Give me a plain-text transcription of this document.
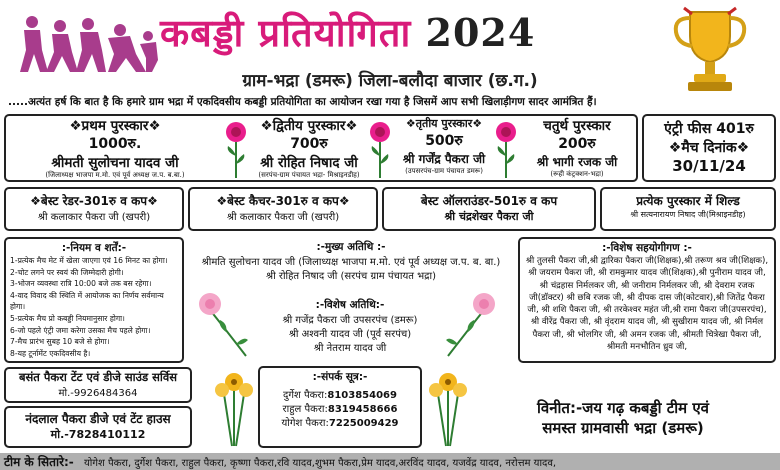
कबड्डी प्रतियोगिता 2024
ग्राम-भद्रा (डमरू) जिला-बलौदा बाजार (छ.ग.)
.....अत्यंत हर्ष कि बात है कि हमारे ग्राम भद्रा में एकदिवसीय कबड्डी प्रतियोगिता का आयोजन रखा गया है जिसमें आप सभी खिलाड़ीगण सादर आमंत्रित हैं।
❖प्रथम पुरस्कार❖
1000रु.
श्रीमती सुलोचना यादव जी
(जिलाध्यक्ष भाजपा म.मो. एवं पूर्व अध्यक्ष ज.प. ब.बा.)
❖द्वितीय पुरस्कार❖
700रु
श्री रोहित निषाद जी
(सरपंच-ग्राम पंचायत भद्रा- मिश्राइनडीह)
❖तृतीय पुरस्कार❖
500रु
श्री गर्जेंद्र पैकरा जी
(उपसरपंच-ग्राम पंचायत डमरू)
चतुर्थ पुरस्कार
200रु
श्री भागी रजक जी
(रूही कंट्रक्शन-भद्रा)
एंट्री फीस 401रु
❖मैच दिनांक❖
30/11/24
❖बेस्ट रेडर-301रु व कप❖
श्री कलाकार पैकरा जी (खपरी)
❖बेस्ट कैचर-301रु व कप❖
श्री कलाकार पैकरा जी (खपरी)
बेस्ट ऑलराउंडर-501रु व कप
श्री चंद्रशेखर पैकरा जी
प्रत्येक पुरस्कार में शिल्ड
श्री सत्यनारायण निषाद जी(मिश्राइनडीह)
:-नियम व शर्तें:-
1-प्रत्येक मैच मेट में खेला जाएगा एवं 16 मिनट का होगा।
2-चोट लगने पर स्वयं की जिम्मेदारी होगी।
3-भोजन व्यवस्था रात्रि 10:00 बजे तक बस रहेगा।
4-वाद विवाद की स्थिति में आयोजक का निर्णय सर्वमान्य होगा।
5-प्रत्येक मैच प्रो कबड्डी नियमानुसार होगा।
6-जो पहले एंट्री जमा करेगा उसका मैच पहले होगा।
7-मैच प्रारंभ सुबह 10 बजे से होगा।
8-यह टूर्नामेंट एकदिवसीय है।
:-मुख्य अतिथि :-
श्रीमति सुलोचना यादव जी (जिलाध्यक्ष भाजपा म.मो. एवं पूर्व अध्यक्ष ज.प. ब. बा.)
श्री रोहित निषाद जी (सरपंच ग्राम पंचायत भद्रा)
:-विशेष अतिथि:-
श्री गजेंद्र पैकरा जी उपसरपंच (डमरू)
श्री अश्वनी यादव जी (पूर्व सरपंच)
श्री नेतराम यादव जी
:-विशेष सहयोगीगण :-
श्री तुलसी पैकरा जी,श्री द्वारिका पैकरा जी(शिक्षक),श्री तरूण श्रव जी(शिक्षक), श्री जयराम पैकरा जी, श्री रामकुमार यादव जी(शिक्षक),श्री पुनीराम यादव जी, श्री चंद्रहास निर्मलकर जी, श्री जनीराम निर्मलकर जी, श्री देवराम रजक जी(डॉक्टर) श्री छबि रजक जी, श्री दीपक दास जी(कोटवार),श्री जितेंद्र पैकरा जी, श्री शशि पैकरा जी, श्री तरकेश्वर महंत जी,श्री रामा पैकरा जी(उपसरपंच), श्री वीरेंद्र पैकरा जी, श्री वृंदराम यादव जी, श्री सुखीराम यादव जी, श्री निर्मल पैकरा जी, श्री भोलगिर जी, श्री अमन रजक जी, श्रीमती चित्रेखा पैकरा जी, श्रीमती मनभौतिन ध्रुव जी,
बसंत पैकरा टेंट एवं डीजे साउंड सर्विस
मो.-9926484364
नंदलाल पैकरा डीजे एवं टेंट हाउस
मो.-7828410112
:-संपर्क सूत्र:-
दुर्गेश पैकरा:8103854069
राहुल पैकरा:8319458666
योगेश पैकरा:7225009429
विनीत:-जय गढ़ कबड्डी टीम एवं
समस्त ग्रामवासी भद्रा (डमरू)
टीम के सितारे:- योगेश पैकरा, दुर्गेश पैकरा, राहुल पैकरा, कृष्णा पैकरा,रवि यादव,शुभम पैकरा,प्रेम यादव,अरविंद यादव, यजवेंद्र यादव, नरोत्तम यादव,
